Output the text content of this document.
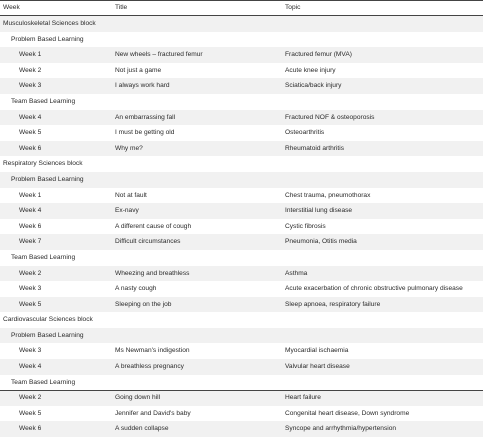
Week	Title	Topic
Musculoskeletal Sciences block
Problem Based Learning
Week 1	New wheels – fractured femur	Fractured femur (MVA)
Week 2	Not just a game	Acute knee injury
Week 3	I always work hard	Sciatica/back injury
Team Based Learning
Week 4	An embarrassing fall	Fractured NOF & osteoporosis
Week 5	I must be getting old	Osteoarthritis
Week 6	Why me?	Rheumatoid arthritis
Respiratory Sciences block
Problem Based Learning
Week 1	Not at fault	Chest trauma, pneumothorax
Week 4	Ex-navy	Interstitial lung disease
Week 6	A different cause of cough	Cystic fibrosis
Week 7	Difficult circumstances	Pneumonia, Otitis media
Team Based Learning
Week 2	Wheezing and breathless	Asthma
Week 3	A nasty cough	Acute exacerbation of chronic obstructive pulmonary disease
Week 5	Sleeping on the job	Sleep apnoea, respiratory failure
Cardiovascular Sciences block
Problem Based Learning
Week 3	Ms Newman's indigestion	Myocardial ischaemia
Week 4	A breathless pregnancy	Valvular heart disease
Team Based Learning
Week 2	Going down hill	Heart failure
Week 5	Jennifer and David's baby	Congenital heart disease, Down syndrome
Week 6	A sudden collapse	Syncope and arrhythmia/hypertension
